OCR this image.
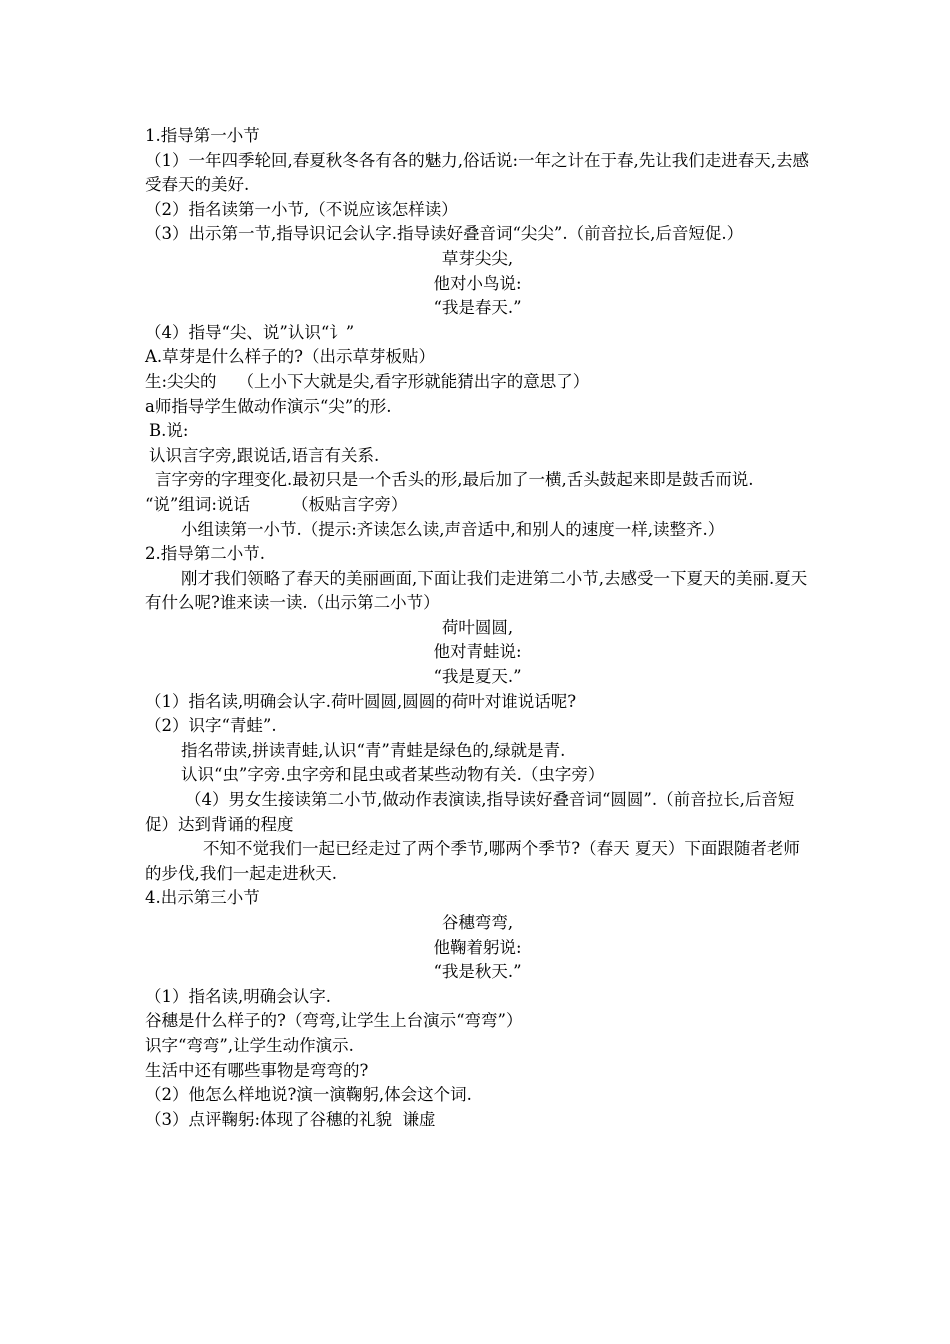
1.指导第一小节
（1）一年四季轮回,春夏秋冬各有各的魅力,俗话说:一年之计在于春,先让我们走进春天,去感受春天的美好.
（2）指名读第一小节,（不说应该怎样读）
（3）出示第一节,指导识记会认字.指导读好叠音词“尖尖”.（前音拉长,后音短促.）
草芽尖尖,
他对小鸟说:
“我是春天.”
（4）指导“尖、说”认识“讠”
A.草芽是什么样子的?（出示草芽板贴）
生:尖尖的    （上小下大就是尖,看字形就能猜出字的意思了）
a师指导学生做动作演示“尖”的形.
B.说:
认识言字旁,跟说话,语言有关系.
言字旁的字理变化.最初只是一个舌头的形,最后加了一横,舌头鼓起来即是鼓舌而说.
“说”组词:说话        （板贴言字旁）
小组读第一小节.（提示:齐读怎么读,声音适中,和别人的速度一样,读整齐.）
2.指导第二小节.
刚才我们领略了春天的美丽画面,下面让我们走进第二小节,去感受一下夏天的美丽.夏天有什么呢?谁来读一读.（出示第二小节）
荷叶圆圆,
他对青蛙说:
“我是夏天.”
（1）指名读,明确会认字.荷叶圆圆,圆圆的荷叶对谁说话呢?
（2）识字“青蛙”.
指名带读,拼读青蛙,认识“青”青蛙是绿色的,绿就是青.
认识“虫”字旁.虫字旁和昆虫或者某些动物有关.（虫字旁）
（4）男女生接读第二小节,做动作表演读,指导读好叠音词“圆圆”.（前音拉长,后音短促）达到背诵的程度
不知不觉我们一起已经走过了两个季节,哪两个季节?（春天 夏天）下面跟随者老师的步伐,我们一起走进秋天.
4.出示第三小节
谷穗弯弯,
他鞠着躬说:
“我是秋天.”
（1）指名读,明确会认字.
谷穗是什么样子的?（弯弯,让学生上台演示“弯弯”）
识字“弯弯”,让学生动作演示.
生活中还有哪些事物是弯弯的?
（2）他怎么样地说?演一演鞠躬,体会这个词.
（3）点评鞠躬:体现了谷穗的礼貌  谦虚
